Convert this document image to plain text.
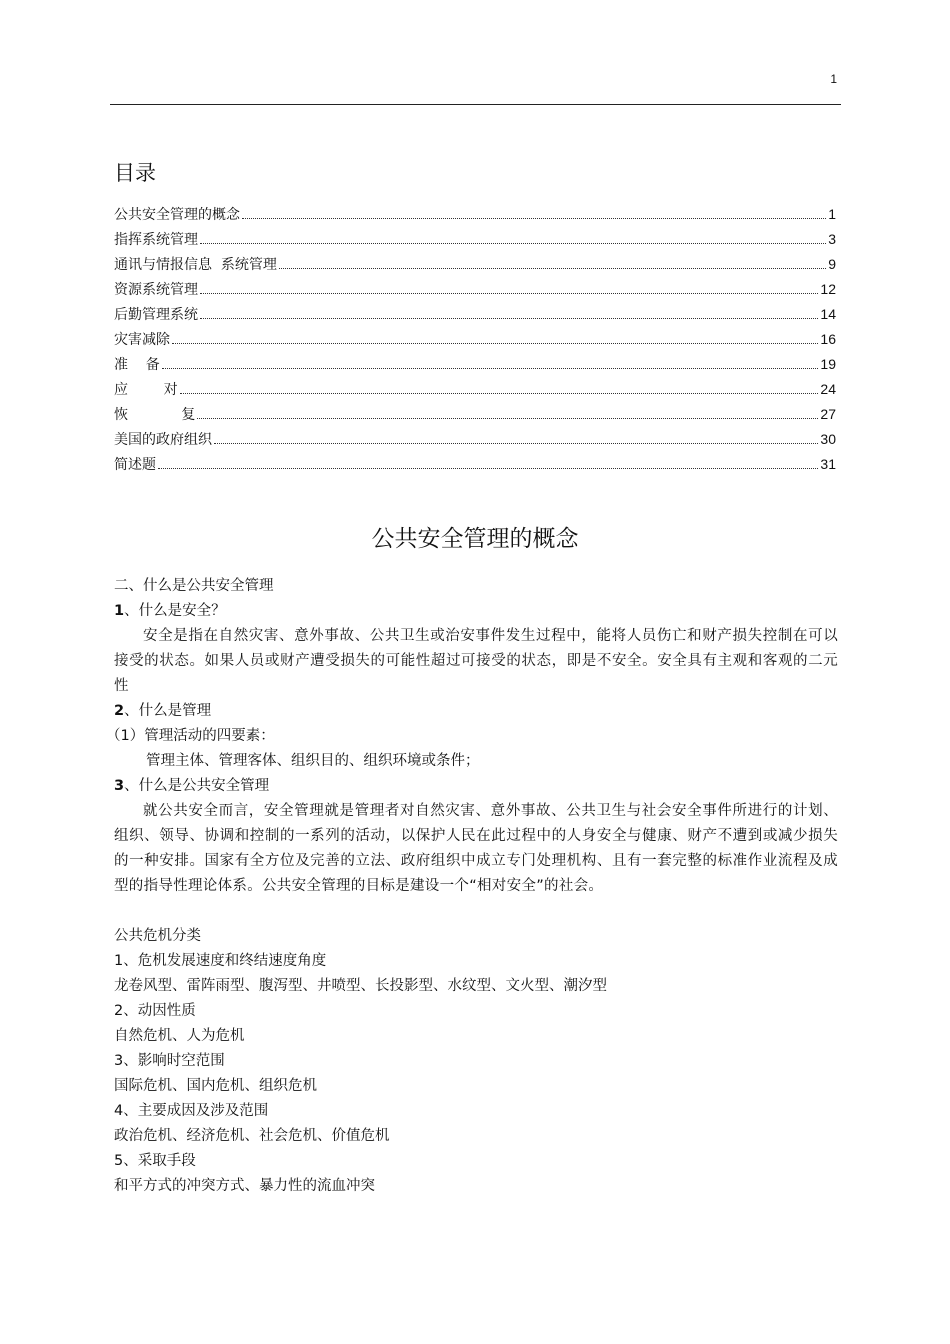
1
目录
公共安全管理的概念	1
指挥系统管理	3
通讯与情报信息  系统管理	9
资源系统管理	12
后勤管理系统	14
灾害减除	16
准    备	19
应        对	24
恢            复	27
美国的政府组织	30
简述题	31
公共安全管理的概念
二、什么是公共安全管理
1、什么是安全？
安全是指在自然灾害、意外事故、公共卫生或治安事件发生过程中，能将人员伤亡和财产损失控制在可以接受的状态。如果人员或财产遭受损失的可能性超过可接受的状态，即是不安全。安全具有主观和客观的二元性
2、什么是管理
（1）管理活动的四要素：
管理主体、管理客体、组织目的、组织环境或条件；
3、什么是公共安全管理
就公共安全而言，安全管理就是管理者对自然灾害、意外事故、公共卫生与社会安全事件所进行的计划、组织、领导、协调和控制的一系列的活动，以保护人民在此过程中的人身安全与健康、财产不遭到或减少损失的一种安排。国家有全方位及完善的立法、政府组织中成立专门处理机构、且有一套完整的标准作业流程及成型的指导性理论体系。公共安全管理的目标是建设一个“相对安全”的社会。
公共危机分类
1、危机发展速度和终结速度角度
龙卷风型、雷阵雨型、腹泻型、井喷型、长投影型、水纹型、文火型、潮汐型
2、动因性质
自然危机、人为危机
3、影响时空范围
国际危机、国内危机、组织危机
4、主要成因及涉及范围
政治危机、经济危机、社会危机、价值危机
5、采取手段
和平方式的冲突方式、暴力性的流血冲突
